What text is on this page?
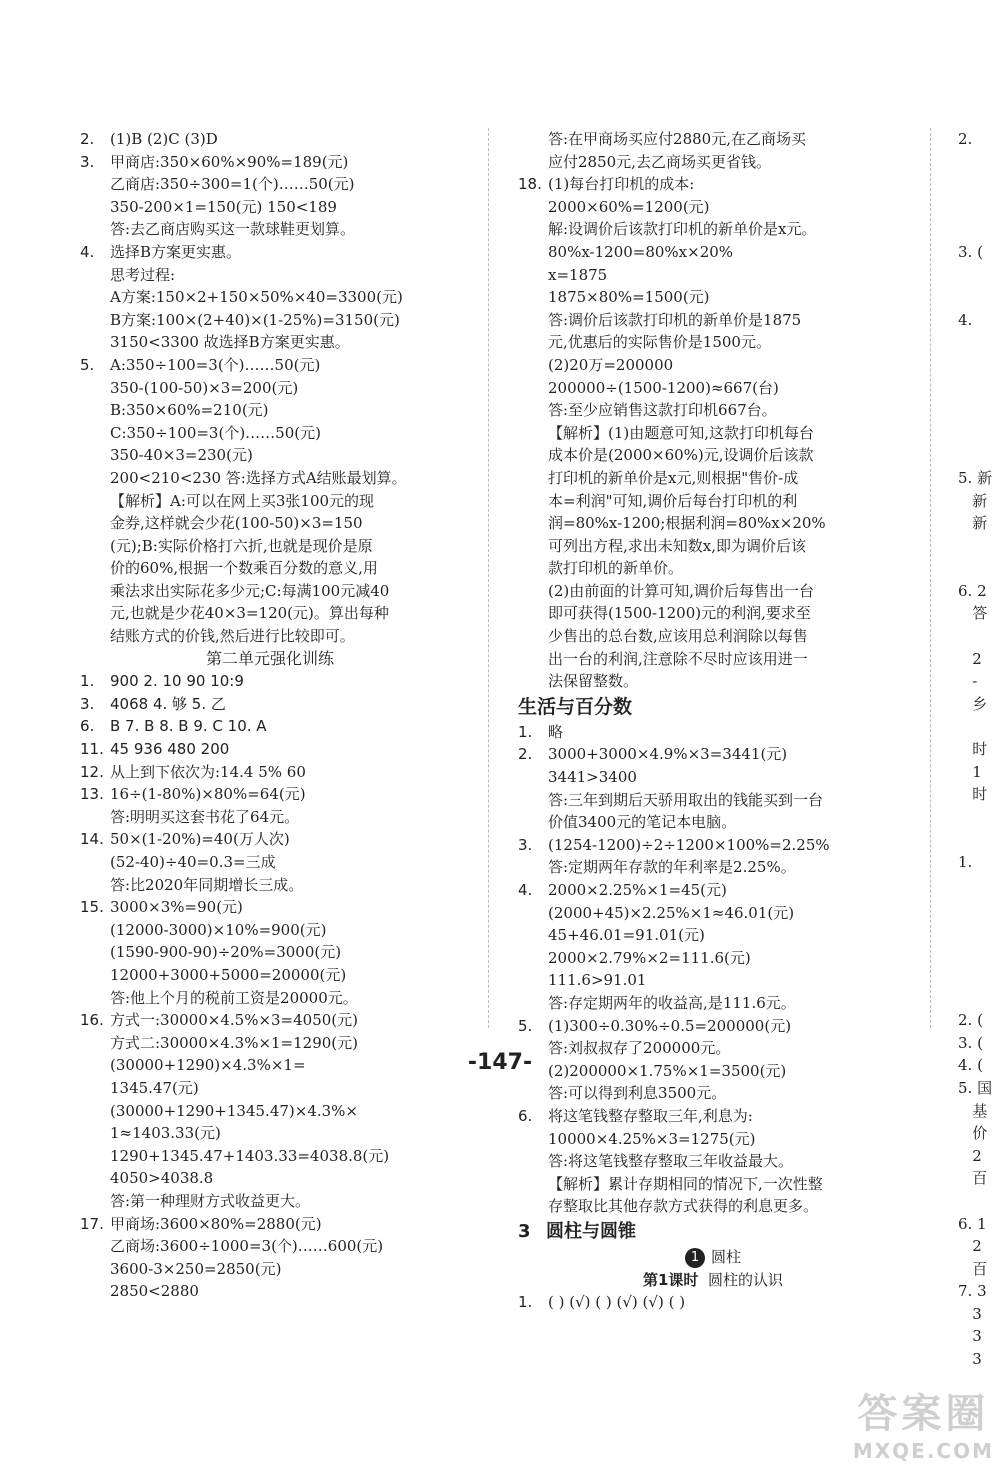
2.	(1)B (2)C (3)D
3.	甲商店:350×60%×90%=189(元)
乙商店:350÷300=1(个)……50(元)
350-200×1=150(元) 150<189
答:去乙商店购买这一款球鞋更划算。
4.	选择B方案更实惠。
思考过程:
A方案:150×2+150×50%×40=3300(元)
B方案:100×(2+40)×(1-25%)=3150(元)
3150<3300 故选择B方案更实惠。
5.	A:350÷100=3(个)……50(元)
350-(100-50)×3=200(元)
B:350×60%=210(元)
C:350÷100=3(个)……50(元)
350-40×3=230(元)
200<210<230 答:选择方式A结账最划算。
【解析】A:可以在网上买3张100元的现
金券,这样就会少花(100-50)×3=150
(元);B:实际价格打六折,也就是现价是原
价的60%,根据一个数乘百分数的意义,用
乘法求出实际花多少元;C:每满100元减40
元,也就是少花40×3=120(元)。算出每种
结账方式的价钱,然后进行比较即可。
第二单元强化训练
1.	900 2. 10 90 10:9
3.	4068 4. 够 5. 乙
6.	B 7. B 8. B 9. C 10. A
11. 45 936 480 200
12. 从上到下依次为:14.4 5% 60
13. 16÷(1-80%)×80%=64(元)
答:明明买这套书花了64元。
14. 50×(1-20%)=40(万人次)
(52-40)÷40=0.3=三成
答:比2020年同期增长三成。
15. 3000×3%=90(元)
(12000-3000)×10%=900(元)
(1590-900-90)÷20%=3000(元)
12000+3000+5000=20000(元)
答:他上个月的税前工资是20000元。
16. 方式一:30000×4.5%×3=4050(元)
方式二:30000×4.3%×1=1290(元)
(30000+1290)×4.3%×1=
1345.47(元)
(30000+1290+1345.47)×4.3%×
1≈1403.33(元)
1290+1345.47+1403.33=4038.8(元)
4050>4038.8
答:第一种理财方式收益更大。
17. 甲商场:3600×80%=2880(元)
乙商场:3600÷1000=3(个)……600(元)
3600-3×250=2850(元)
2850<2880
答:在甲商场买应付2880元,在乙商场买
应付2850元,去乙商场买更省钱。
18. (1)每台打印机的成本:
2000×60%=1200(元)
解:设调价后该款打印机的新单价是x元。
80%x-1200=80%x×20%
x=1875
1875×80%=1500(元)
答:调价后该款打印机的新单价是1875
元,优惠后的实际售价是1500元。
(2)20万=200000
200000÷(1500-1200)≈667(台)
答:至少应销售这款打印机667台。
【解析】(1)由题意可知,这款打印机每台
成本价是(2000×60%)元,设调价后该款
打印机的新单价是x元,则根据"售价-成
本=利润"可知,调价后每台打印机的利
润=80%x-1200;根据利润=80%x×20%
可列出方程,求出未知数x,即为调价后该
款打印机的新单价。
(2)由前面的计算可知,调价后每售出一台
即可获得(1500-1200)元的利润,要求至
少售出的总台数,应该用总利润除以每售
出一台的利润,注意除不尽时应该用进一
法保留整数。
生活与百分数
1.	略
2.	3000+3000×4.9%×3=3441(元)
3441>3400
答:三年到期后天骄用取出的钱能买到一台
价值3400元的笔记本电脑。
3.	(1254-1200)÷2÷1200×100%=2.25%
答:定期两年存款的年利率是2.25%。
4.	2000×2.25%×1=45(元)
(2000+45)×2.25%×1≈46.01(元)
45+46.01=91.01(元)
2000×2.79%×2=111.6(元)
111.6>91.01
答:存定期两年的收益高,是111.6元。
5.	(1)300÷0.30%÷0.5=200000(元)
答:刘叔叔存了200000元。
(2)200000×1.75%×1=3500(元)
答:可以得到利息3500元。
6.	将这笔钱整存整取三年,利息为:
10000×4.25%×3=1275(元)
答:将这笔钱整存整取三年收益最大。
【解析】累计存期相同的情况下,一次性整
存整取比其他存款方式获得的利息更多。
3 圆柱与圆锥
1 圆柱
第1课时 圆柱的认识
1.	( ) (√) ( ) (√) (√) ( )
2.
3. (
4.
5. 新
新
新
6. 2
答
2
-
乡
时
1
时
1.
2. (
3. (
4. (
5. 国
基
价
2
百
6. 1
2
百
7. 3
3
3
3
-147-
答案圈
MXQE.COM
